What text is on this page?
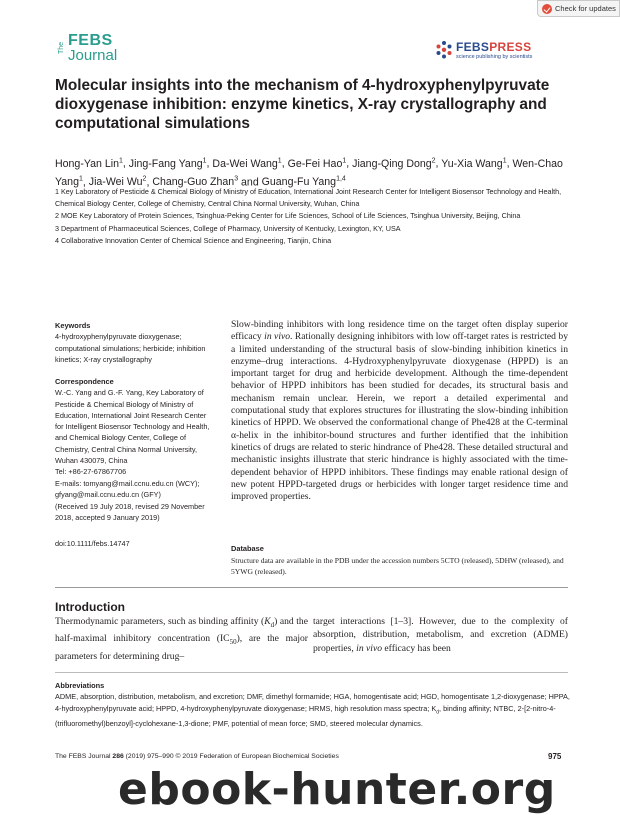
Check for updates
The FEBS
Journal	FEBSPRESS
science publishing by scientists
Molecular insights into the mechanism of 4-hydroxyphenylpyruvate dioxygenase inhibition: enzyme kinetics, X-ray crystallography and computational simulations
Hong-Yan Lin$^1$, Jing-Fang Yang$^1$, Da-Wei Wang$^1$, Ge-Fei Hao$^1$, Jiang-Qing Dong$^2$, Yu-Xia Wang$^1$, Wen-Chao Yang$^1$, Jia-Wei Wu$^2$, Chang-Guo Zhan$^3$ and Guang-Fu Yang$^{1,4}$

1 Key Laboratory of Pesticide & Chemical Biology of Ministry of Education, International Joint Research Center for Intelligent Biosensor Technology and Health, Chemical Biology Center, College of Chemistry, Central China Normal University, Wuhan, China

2 MOE Key Laboratory of Protein Sciences, Tsinghua-Peking Center for Life Sciences, School of Life Sciences, Tsinghua University, Beijing, China

3 Department of Pharmaceutical Sciences, College of Pharmacy, University of Kentucky, Lexington, KY, USA

4 Collaborative Innovation Center of Chemical Science and Engineering, Tianjin, China

Keywords
4-hydroxyphenylpyruvate dioxygenase; computational simulations; herbicide; inhibition kinetics; X-ray crystallography
Correspondence
W.-C. Yang and G.-F. Yang, Key Laboratory of Pesticide & Chemical Biology of Ministry of Education, International Joint Research Center for Intelligent Biosensor Technology and Health, and Chemical Biology Center, College of Chemistry, Central China Normal University, Wuhan 430079, China
Tel: +86-27-67867706
E-mails: tomyang@mail.ccnu.edu.cn (WCY); gfyang@mail.ccnu.edu.cn (GFY)
(Received 19 July 2018, revised 29 November 2018, accepted 9 January 2019)
doi:10.1111/febs.14747
Slow-binding inhibitors with long residence time on the target often display superior efficacy in vivo. Rationally designing inhibitors with low off-target rates is restricted by a limited understanding of the structural basis of slow-binding inhibition kinetics in enzyme–drug interactions. 4-Hydroxyphenylpyruvate dioxygenase (HPPD) is an important target for drug and herbicide development. Although the time-dependent behavior of HPPD inhibitors has been studied for decades, its structural basis and mechanism remain unclear. Herein, we report a detailed experimental and computational study that explores structures for illustrating the slow-binding inhibition kinetics of HPPD. We observed the conformational change of Phe428 at the C-terminal α-helix in the inhibitor-bound structures and further identified that the inhibition kinetics of drugs are related to steric hindrance of Phe428. These detailed structural and mechanistic insights illustrate that steric hindrance is highly associated with the time-dependent behavior of HPPD inhibitors. These findings may enable rational design of new potent HPPD-targeted drugs or herbicides with longer target residence time and improved properties.
Database
Structure data are available in the PDB under the accession numbers 5CTO (released), 5DHW (released), and 5YWG (released).
Introduction
Thermodynamic parameters, such as binding affinity $(K_d)$ and the half-maximal inhibitory concentration $(IC_{50})$, are the major parameters for determining drug–
target interactions [1–3]. However, due to the complexity of absorption, distribution, metabolism, and excretion (ADME) properties, in vivo efficacy has been
Abbreviations
ADME, absorption, distribution, metabolism, and excretion; DMF, dimethyl formamide; HGA, homogentisate acid; HGD, homogentisate 1,2-dioxygenase; HPPA, 4-hydroxyphenylpyruvate acid; HPPD, 4-hydroxyphenylpyruvate dioxygenase; HRMS, high resolution mass spectra; $K_d$, binding affinity; NTBC, 2-[2-nitro-4-(trifluoromethyl)benzoyl]-cyclohexane-1,3-dione; PMF, potential of mean force; SMD, steered molecular dynamics.
The FEBS Journal 286 (2019) 975–990 © 2019 Federation of European Biochemical Societies	975
ebook-hunter.org
